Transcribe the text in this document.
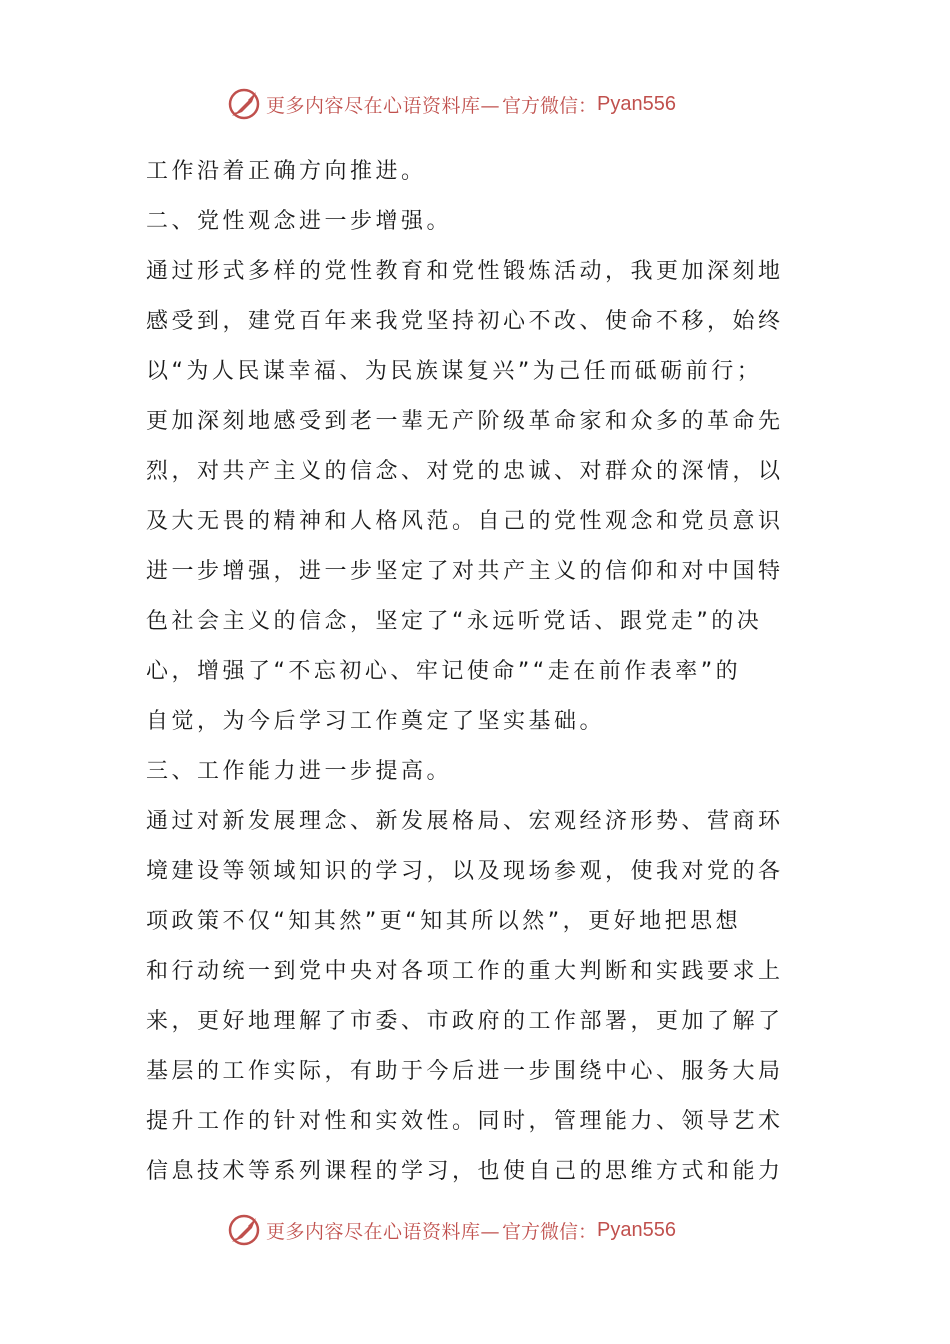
更多内容尽在心语资料库— 官方微信： Pyan556
工作沿着正确方向推进。
二、党性观念进一步增强。
通过形式多样的党性教育和党性锻炼活动，我更加深刻地
感受到，建党百年来我党坚持初心不改、使命不移，始终
以“为人民谋幸福、为民族谋复兴”为己任而砥砺前行；
更加深刻地感受到老一辈无产阶级革命家和众多的革命先
烈，对共产主义的信念、对党的忠诚、对群众的深情，以
及大无畏的精神和人格风范。自己的党性观念和党员意识
进一步增强，进一步坚定了对共产主义的信仰和对中国特
色社会主义的信念，坚定了“永远听党话、跟党走”的决
心，增强了“不忘初心、牢记使命”“走在前作表率”的
自觉，为今后学习工作奠定了坚实基础。
三、工作能力进一步提高。
通过对新发展理念、新发展格局、宏观经济形势、营商环
境建设等领域知识的学习，以及现场参观，使我对党的各
项政策不仅“知其然”更“知其所以然”，更好地把思想
和行动统一到党中央对各项工作的重大判断和实践要求上
来，更好地理解了市委、市政府的工作部署，更加了解了
基层的工作实际，有助于今后进一步围绕中心、服务大局
提升工作的针对性和实效性。同时，管理能力、领导艺术
信息技术等系列课程的学习，也使自己的思维方式和能力
更多内容尽在心语资料库— 官方微信： Pyan556
